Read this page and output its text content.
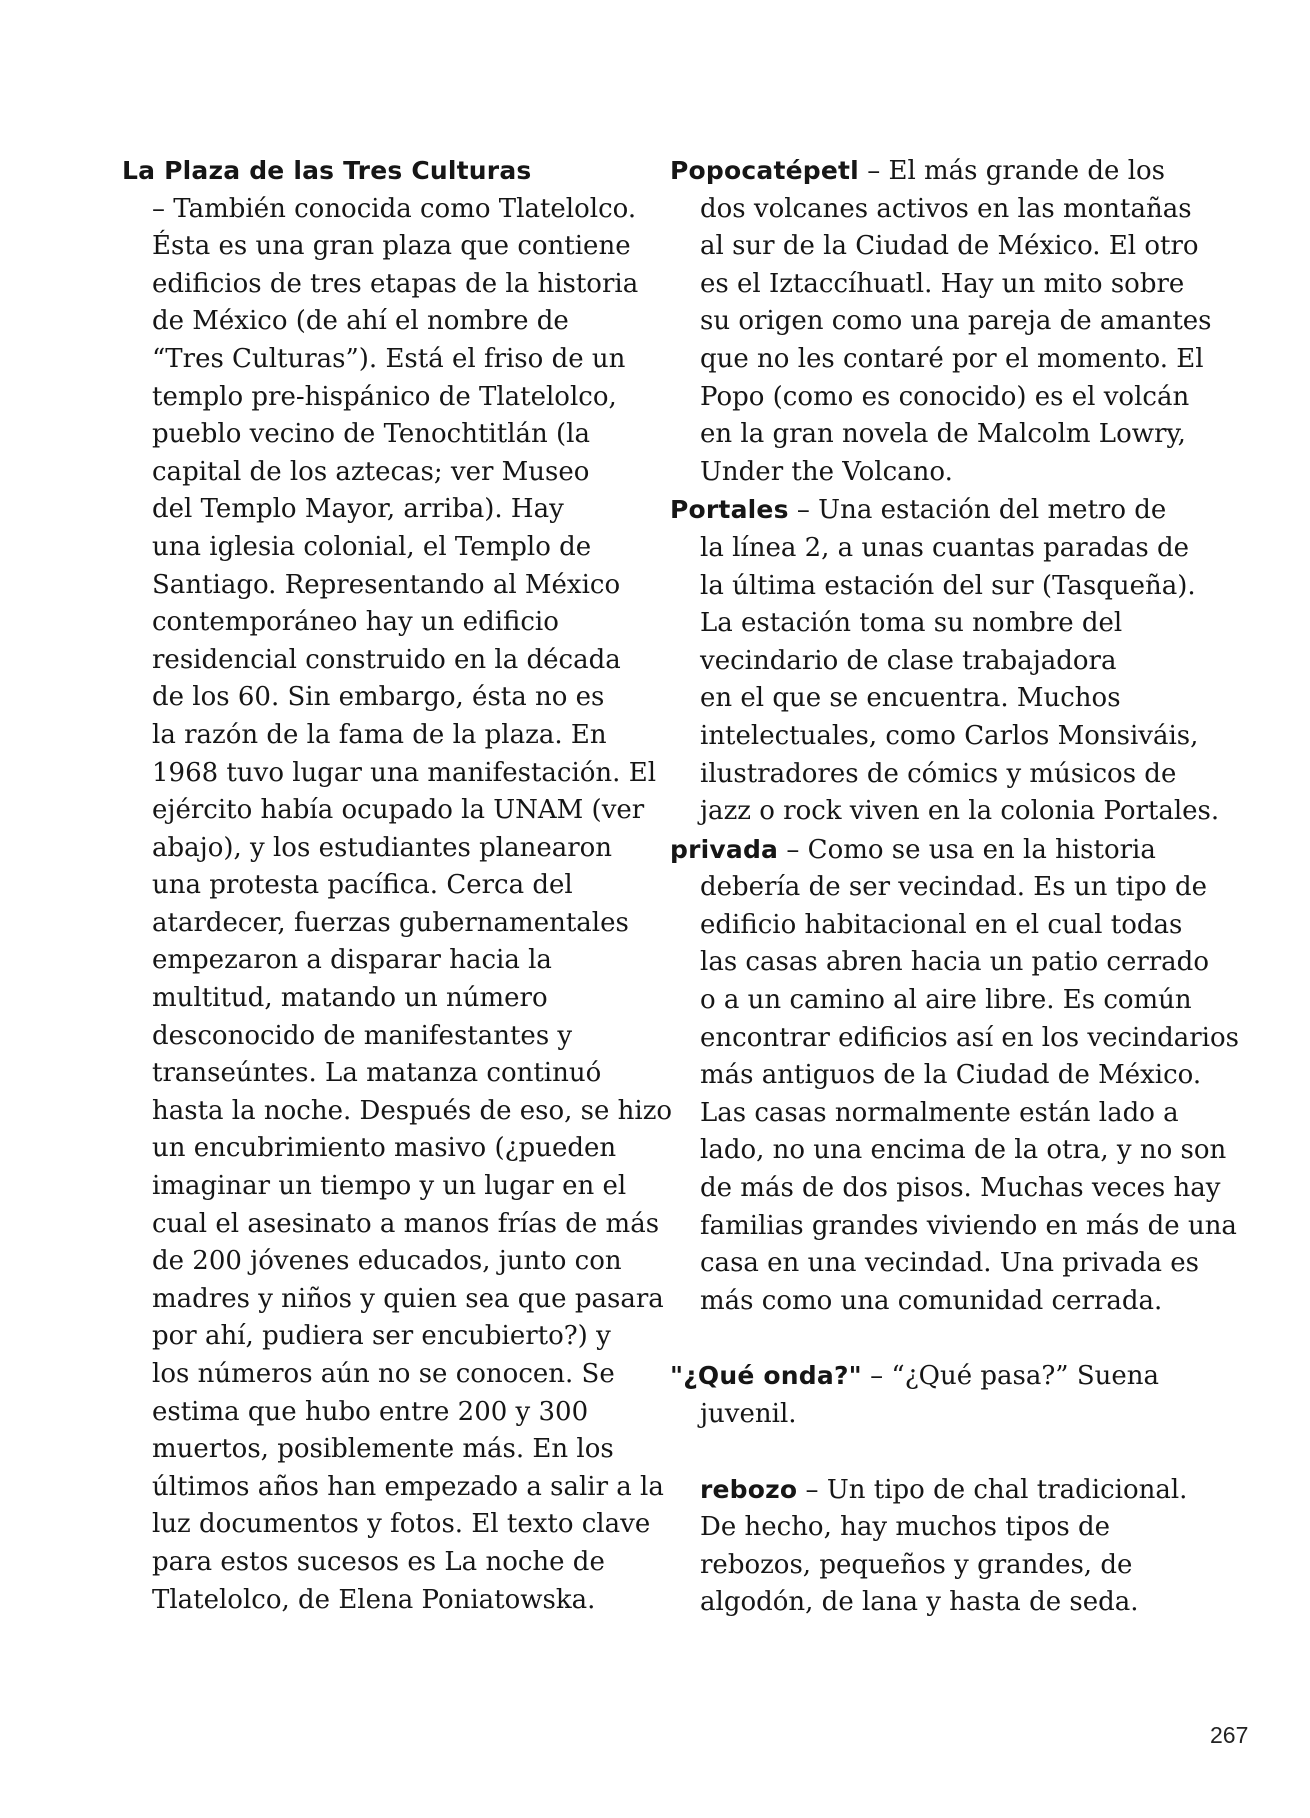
La Plaza de las Tres Culturas
– También conocida como Tlatelolco.
Ésta es una gran plaza que contiene
edificios de tres etapas de la historia
de México (de ahí el nombre de
“Tres Culturas”). Está el friso de un
templo pre-hispánico de Tlatelolco,
pueblo vecino de Tenochtitlán (la
capital de los aztecas; ver Museo
del Templo Mayor, arriba). Hay
una iglesia colonial, el Templo de
Santiago. Representando al México
contemporáneo hay un edificio
residencial construido en la década
de los 60. Sin embargo, ésta no es
la razón de la fama de la plaza. En
1968 tuvo lugar una manifestación. El
ejército había ocupado la UNAM (ver
abajo), y los estudiantes planearon
una protesta pacífica. Cerca del
atardecer, fuerzas gubernamentales
empezaron a disparar hacia la
multitud, matando un número
desconocido de manifestantes y
transeúntes. La matanza continuó
hasta la noche. Después de eso, se hizo
un encubrimiento masivo (¿pueden
imaginar un tiempo y un lugar en el
cual el asesinato a manos frías de más
de 200 jóvenes educados, junto con
madres y niños y quien sea que pasara
por ahí, pudiera ser encubierto?) y
los números aún no se conocen. Se
estima que hubo entre 200 y 300
muertos, posiblemente más. En los
últimos años han empezado a salir a la
luz documentos y fotos. El texto clave
para estos sucesos es La noche de
Tlatelolco, de Elena Poniatowska.
Popocatépetl – El más grande de los
dos volcanes activos en las montañas
al sur de la Ciudad de México. El otro
es el Iztaccíhuatl. Hay un mito sobre
su origen como una pareja de amantes
que no les contaré por el momento. El
Popo (como es conocido) es el volcán
en la gran novela de Malcolm Lowry,
Under the Volcano.
Portales – Una estación del metro de
la línea 2, a unas cuantas paradas de
la última estación del sur (Tasqueña).
La estación toma su nombre del
vecindario de clase trabajadora
en el que se encuentra. Muchos
intelectuales, como Carlos Monsiváis,
ilustradores de cómics y músicos de
jazz o rock viven en la colonia Portales.
privada – Como se usa en la historia
debería de ser vecindad. Es un tipo de
edificio habitacional en el cual todas
las casas abren hacia un patio cerrado
o a un camino al aire libre. Es común
encontrar edificios así en los vecindarios
más antiguos de la Ciudad de México.
Las casas normalmente están lado a
lado, no una encima de la otra, y no son
de más de dos pisos. Muchas veces hay
familias grandes viviendo en más de una
casa en una vecindad. Una privada es
más como una comunidad cerrada.
"¿Qué onda?" – “¿Qué pasa?” Suena
juvenil.
rebozo – Un tipo de chal tradicional.
De hecho, hay muchos tipos de
rebozos, pequeños y grandes, de
algodón, de lana y hasta de seda.
267
